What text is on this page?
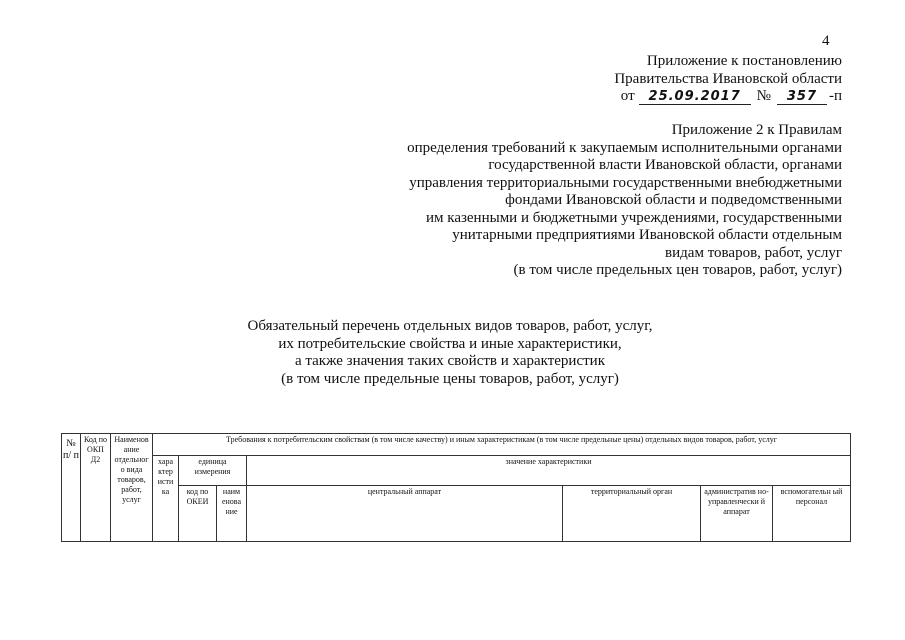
4
Приложение к постановлению
Правительства Ивановской области
от	25.09.2017	№	357 -п
Приложение 2 к Правилам
определения требований к закупаемым исполнительными органами
государственной власти Ивановской области, органами
управления территориальными государственными внебюджетными
фондами Ивановской области и подведомственными
им казенными и бюджетными учреждениями, государственными
унитарными предприятиями Ивановской области отдельным
видам товаров, работ, услуг
(в том числе предельных цен товаров, работ, услуг)
Обязательный перечень отдельных видов товаров, работ, услуг,
их потребительские свойства и иные характеристики,
а также значения таких свойств и характеристик
(в том числе предельные цены товаров, работ, услуг)
№ п/ п	Код по ОКП Д2	Наименов ание отдельног о вида товаров, работ, услуг	Требования к потребительским свойствам (в том числе качеству) и иным характеристикам (в том числе предельные цены) отдельных видов товаров, работ, услуг						
			хара ктер исти ка	единица измерения		значение характеристики			

				код по ОКЕИ	наим енова ние	центральный аппарат	территориальный орган	административ но-управленчески й аппарат	вспомогательн ый персонал
